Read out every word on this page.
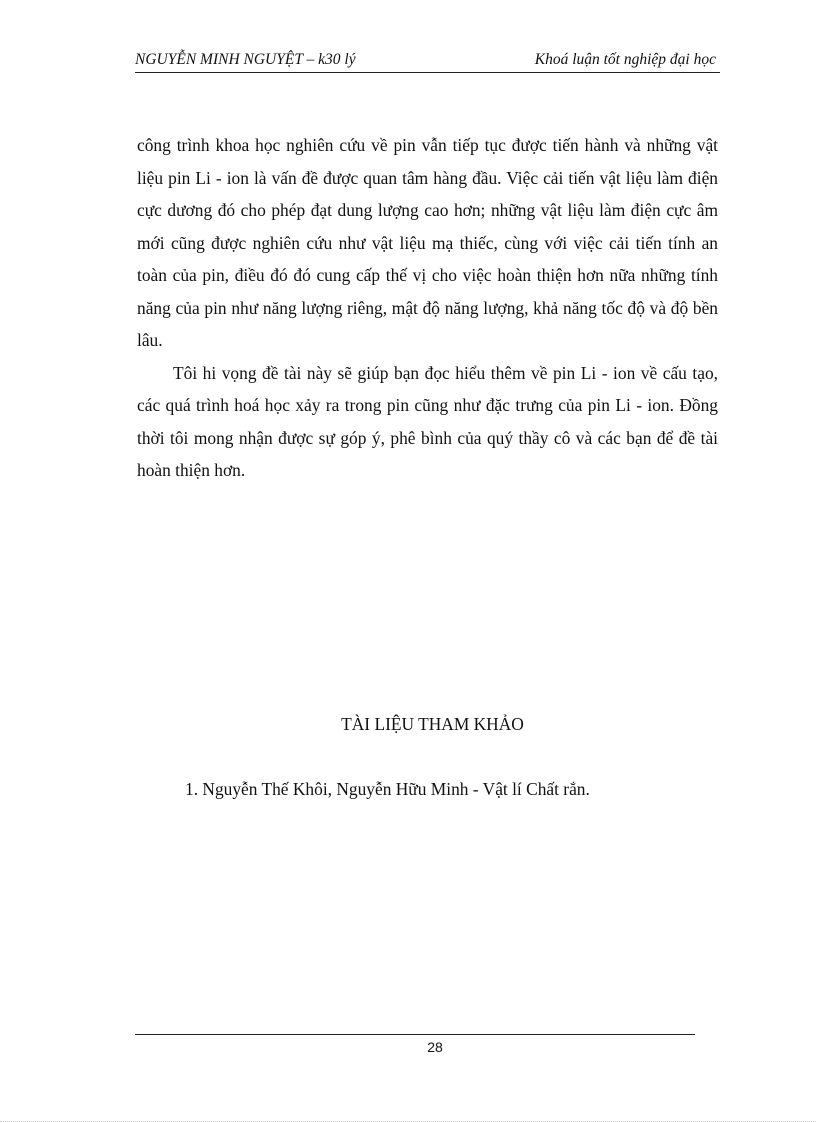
NGUYỄN MINH NGUYỆT – k30 lý	Khoá luận tốt nghiệp đại học

công trình khoa học nghiên cứu về pin vẫn tiếp tục được tiến hành và những vật liệu pin Li - ion là vấn đề được quan tâm hàng đầu. Việc cải tiến vật liệu làm điện cực dương đó cho phép đạt dung lượng cao hơn; những vật liệu làm điện cực âm mới cũng được nghiên cứu như vật liệu mạ thiếc, cùng với việc cải tiến tính an toàn của pin, điều đó đó cung cấp thế vị cho việc hoàn thiện hơn nữa những tính năng của pin như năng lượng riêng, mật độ năng lượng, khả năng tốc độ và độ bền lâu.

Tôi hi vọng đề tài này sẽ giúp bạn đọc hiểu thêm về pin Li - ion về cấu tạo, các quá trình hoá học xảy ra trong pin cũng như đặc trưng của pin Li - ion. Đồng thời tôi mong nhận được sự góp ý, phê bình của quý thầy cô và các bạn để đề tài hoàn thiện hơn.

TÀI LIỆU THAM KHẢO
1. Nguyễn Thế Khôi, Nguyễn Hữu Minh - Vật lí Chất rắn.
28
